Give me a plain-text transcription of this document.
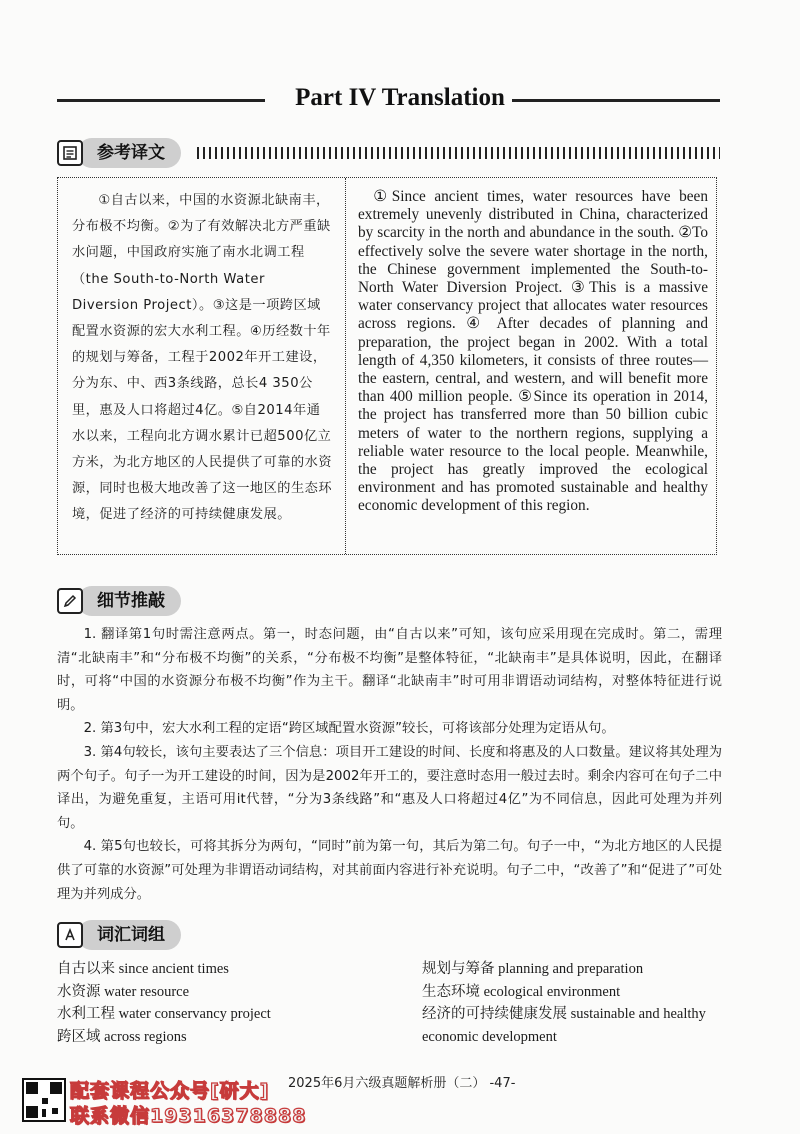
Part IV Translation
参考译文
①自古以来，中国的水资源北缺南丰，分布极不均衡。②为了有效解决北方严重缺水问题，中国政府实施了南水北调工程（the South-to-North Water Diversion Project）。③这是一项跨区域配置水资源的宏大水利工程。④历经数十年的规划与筹备，工程于2002年开工建设，分为东、中、西3条线路，总长4 350公里，惠及人口将超过4亿。⑤自2014年通水以来，工程向北方调水累计已超500亿立方米，为北方地区的人民提供了可靠的水资源，同时也极大地改善了这一地区的生态环境，促进了经济的可持续健康发展。
①Since ancient times, water resources have been extremely unevenly distributed in China, characterized by scarcity in the north and abundance in the south. ②To effectively solve the severe water shortage in the north, the Chinese government implemented the South-to-North Water Diversion Project. ③This is a massive water conservancy project that allocates water resources across regions. ④ After decades of planning and preparation, the project began in 2002. With a total length of 4,350 kilometers, it consists of three routes—the eastern, central, and western, and will benefit more than 400 million people. ⑤Since its operation in 2014, the project has transferred more than 50 billion cubic meters of water to the northern regions, supplying a reliable water resource to the local people. Meanwhile, the project has greatly improved the ecological environment and has promoted sustainable and healthy economic development of this region.
细节推敲

1. 翻译第1句时需注意两点。第一，时态问题，由“自古以来”可知，该句应采用现在完成时。第二，需理清“北缺南丰”和“分布极不均衡”的关系，“分布极不均衡”是整体特征，“北缺南丰”是具体说明，因此，在翻译时，可将“中国的水资源分布极不均衡”作为主干。翻译“北缺南丰”时可用非谓语动词结构，对整体特征进行说明。

2. 第3句中，宏大水利工程的定语“跨区域配置水资源”较长，可将该部分处理为定语从句。

3. 第4句较长，该句主要表达了三个信息：项目开工建设的时间、长度和将惠及的人口数量。建议将其处理为两个句子。句子一为开工建设的时间，因为是2002年开工的，要注意时态用一般过去时。剩余内容可在句子二中译出，为避免重复，主语可用it代替，“分为3条线路”和“惠及人口将超过4亿”为不同信息，因此可处理为并列句。

4. 第5句也较长，可将其拆分为两句，“同时”前为第一句，其后为第二句。句子一中，“为北方地区的人民提供了可靠的水资源”可处理为非谓语动词结构，对其前面内容进行补充说明。句子二中，“改善了”和“促进了”可处理为并列成分。

词汇词组
自古以来 since ancient times
水资源 water resource
水利工程 water conservancy project
跨区域 across regions
规划与筹备 planning and preparation
生态环境 ecological environment
经济的可持续健康发展 sustainable and healthy
economic development
2025年6月六级真题解析册（二） -47-
配套课程公众号[研大]
联系微信19316378888
